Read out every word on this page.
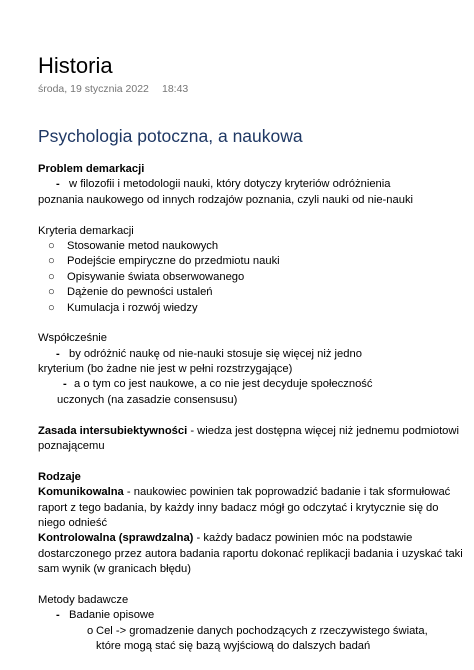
Historia
środa, 19 stycznia 2022 18:43
Psychologia potoczna, a naukowa
Problem demarkacji
- w filozofii i metodologii nauki, który dotyczy kryteriów odróżnienia
poznania naukowego od innych rodzajów poznania, czyli nauki od nie-nauki
Kryteria demarkacji
○ Stosowanie metod naukowych
○ Podejście empiryczne do przedmiotu nauki
○ Opisywanie świata obserwowanego
○ Dążenie do pewności ustaleń
○ Kumulacja i rozwój wiedzy
Współcześnie
- by odróżnić naukę od nie-nauki stosuje się więcej niż jedno
kryterium (bo żadne nie jest w pełni rozstrzygające)
- a o tym co jest naukowe, a co nie jest decyduje społeczność
uczonych (na zasadzie consensusu)
Zasada intersubiektywności - wiedza jest dostępna więcej niż jednemu podmiotowi
poznającemu
Rodzaje
Komunikowalna - naukowiec powinien tak poprowadzić badanie i tak sformułować
raport z tego badania, by każdy inny badacz mógł go odczytać i krytycznie się do
niego odnieść
Kontrolowalna (sprawdzalna) - każdy badacz powinien móc na podstawie
dostarczonego przez autora badania raportu dokonać replikacji badania i uzyskać taki
sam wynik (w granicach błędu)
Metody badawcze
- Badanie opisowe
o Cel -> gromadzenie danych pochodzących z rzeczywistego świata,
które mogą stać się bazą wyjściową do dalszych badań
